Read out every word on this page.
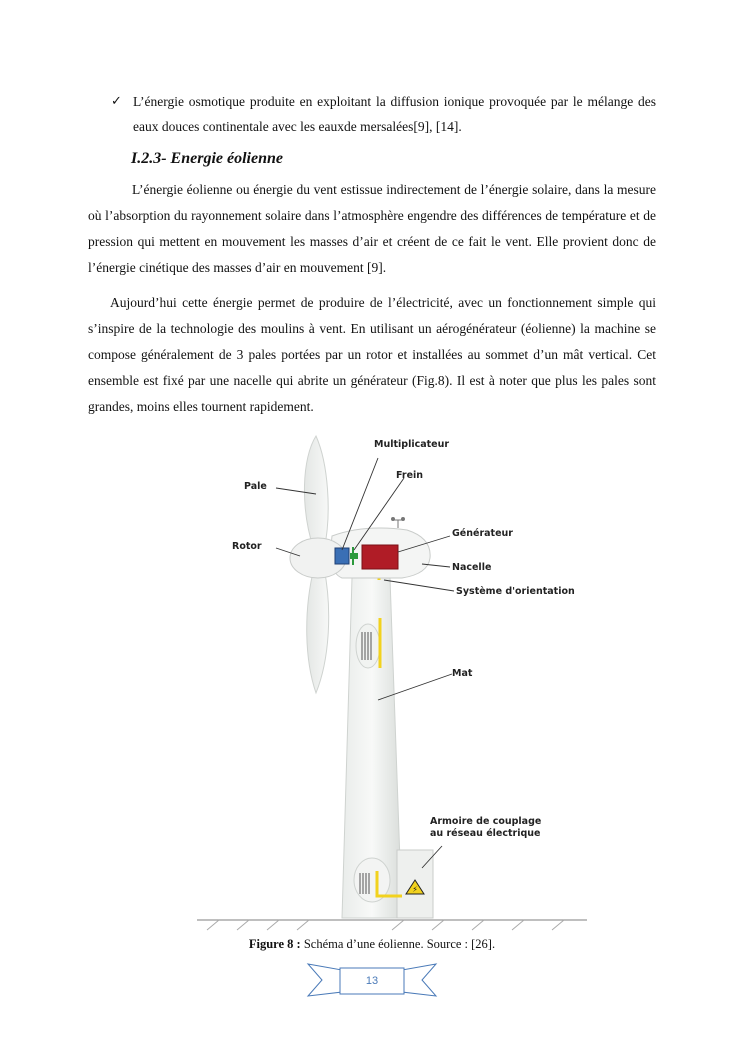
✓ L’énergie osmotique produite en exploitant la diffusion ionique provoquée par le mélange des eaux douces continentale avec les eauxde mersalées[9], [14].
I.2.3- Energie éolienne
L’énergie éolienne ou énergie du vent estissue indirectement de l’énergie solaire, dans la mesure où l’absorption du rayonnement solaire dans l’atmosphère engendre des différences de température et de pression qui mettent en mouvement les masses d’air et créent de ce fait le vent. Elle provient donc de l’énergie cinétique des masses d’air en mouvement [9].
Aujourd’hui cette énergie permet de produire de l’électricité, avec un fonctionnement simple qui s’inspire de la technologie des moulins à vent. En utilisant un aérogénérateur (éolienne) la machine se compose généralement de 3 pales portées par un rotor et installées au sommet d’un mât vertical. Cet ensemble est fixé par une nacelle qui abrite un générateur (Fig.8). Il est à noter que plus les pales sont grandes, moins elles tournent rapidement.
⚡
Multiplicateur
Frein
Pale
Générateur
Rotor
Nacelle
Système d'orientation
Mat
Armoire de couplage
au réseau électrique
Figure 8 : Schéma d’une éolienne. Source : [26].
13
